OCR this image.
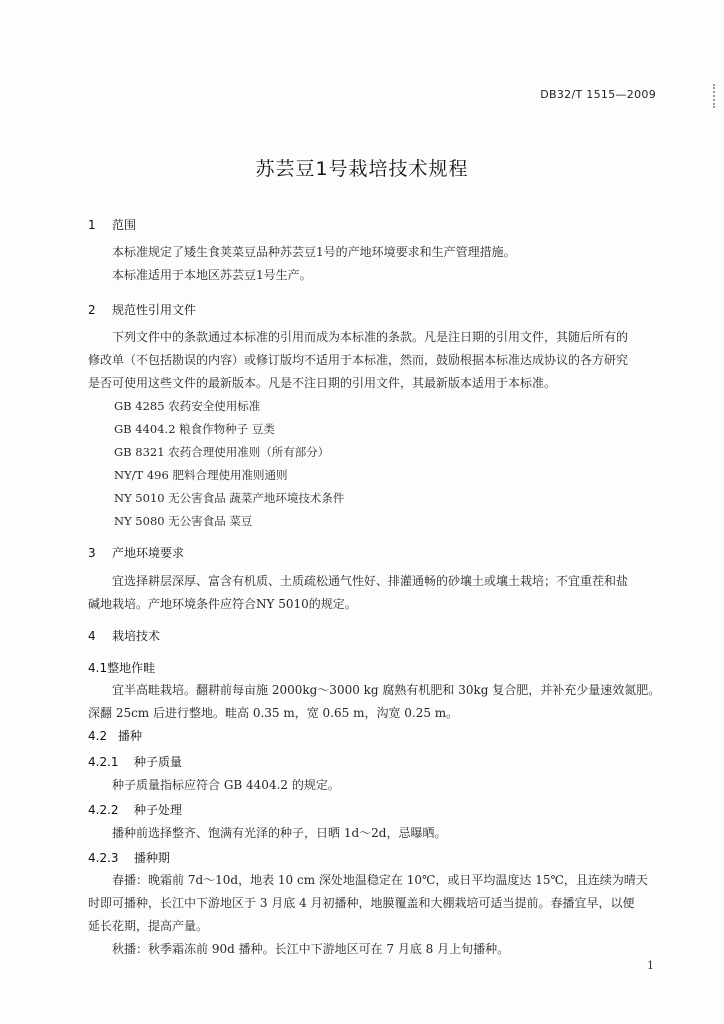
DB32/T 1515—2009
苏芸豆1号栽培技术规程
1 范围
本标准规定了矮生食荚菜豆品种苏芸豆1号的产地环境要求和生产管理措施。
本标准适用于本地区苏芸豆1号生产。
2 规范性引用文件
下列文件中的条款通过本标准的引用而成为本标准的条款。凡是注日期的引用文件，其随后所有的
修改单（不包括勘误的内容）或修订版均不适用于本标准，然而，鼓励根据本标准达成协议的各方研究
是否可使用这些文件的最新版本。凡是不注日期的引用文件，其最新版本适用于本标准。
GB 4285 农药安全使用标准
GB 4404.2 粮食作物种子 豆类
GB 8321 农药合理使用准则（所有部分）
NY/T 496 肥料合理使用准则通则
NY 5010 无公害食品 蔬菜产地环境技术条件
NY 5080 无公害食品 菜豆
3 产地环境要求
宜选择耕层深厚、富含有机质、土质疏松通气性好、排灌通畅的砂壤土或壤土栽培；不宜重茬和盐
碱地栽培。产地环境条件应符合NY 5010的规定。
4 栽培技术
4.1整地作畦
宜半高畦栽培。翻耕前每亩施 2000kg～3000 kg 腐熟有机肥和 30kg 复合肥，并补充少量速效氮肥。
深翻 25cm 后进行整地。畦高 0.35 m，宽 0.65 m，沟宽 0.25 m。
4.2 播种
4.2.1 种子质量
种子质量指标应符合 GB 4404.2 的规定。
4.2.2 种子处理
播种前选择整齐、饱满有光泽的种子，日晒 1d～2d，忌曝晒。
4.2.3 播种期
春播：晚霜前 7d～10d，地表 10 cm 深处地温稳定在 10℃，或日平均温度达 15℃，且连续为晴天
时即可播种，长江中下游地区于 3 月底 4 月初播种，地膜覆盖和大棚栽培可适当提前。春播宜早，以便
延长花期，提高产量。
秋播：秋季霜冻前 90d 播种。长江中下游地区可在 7 月底 8 月上旬播种。
1
